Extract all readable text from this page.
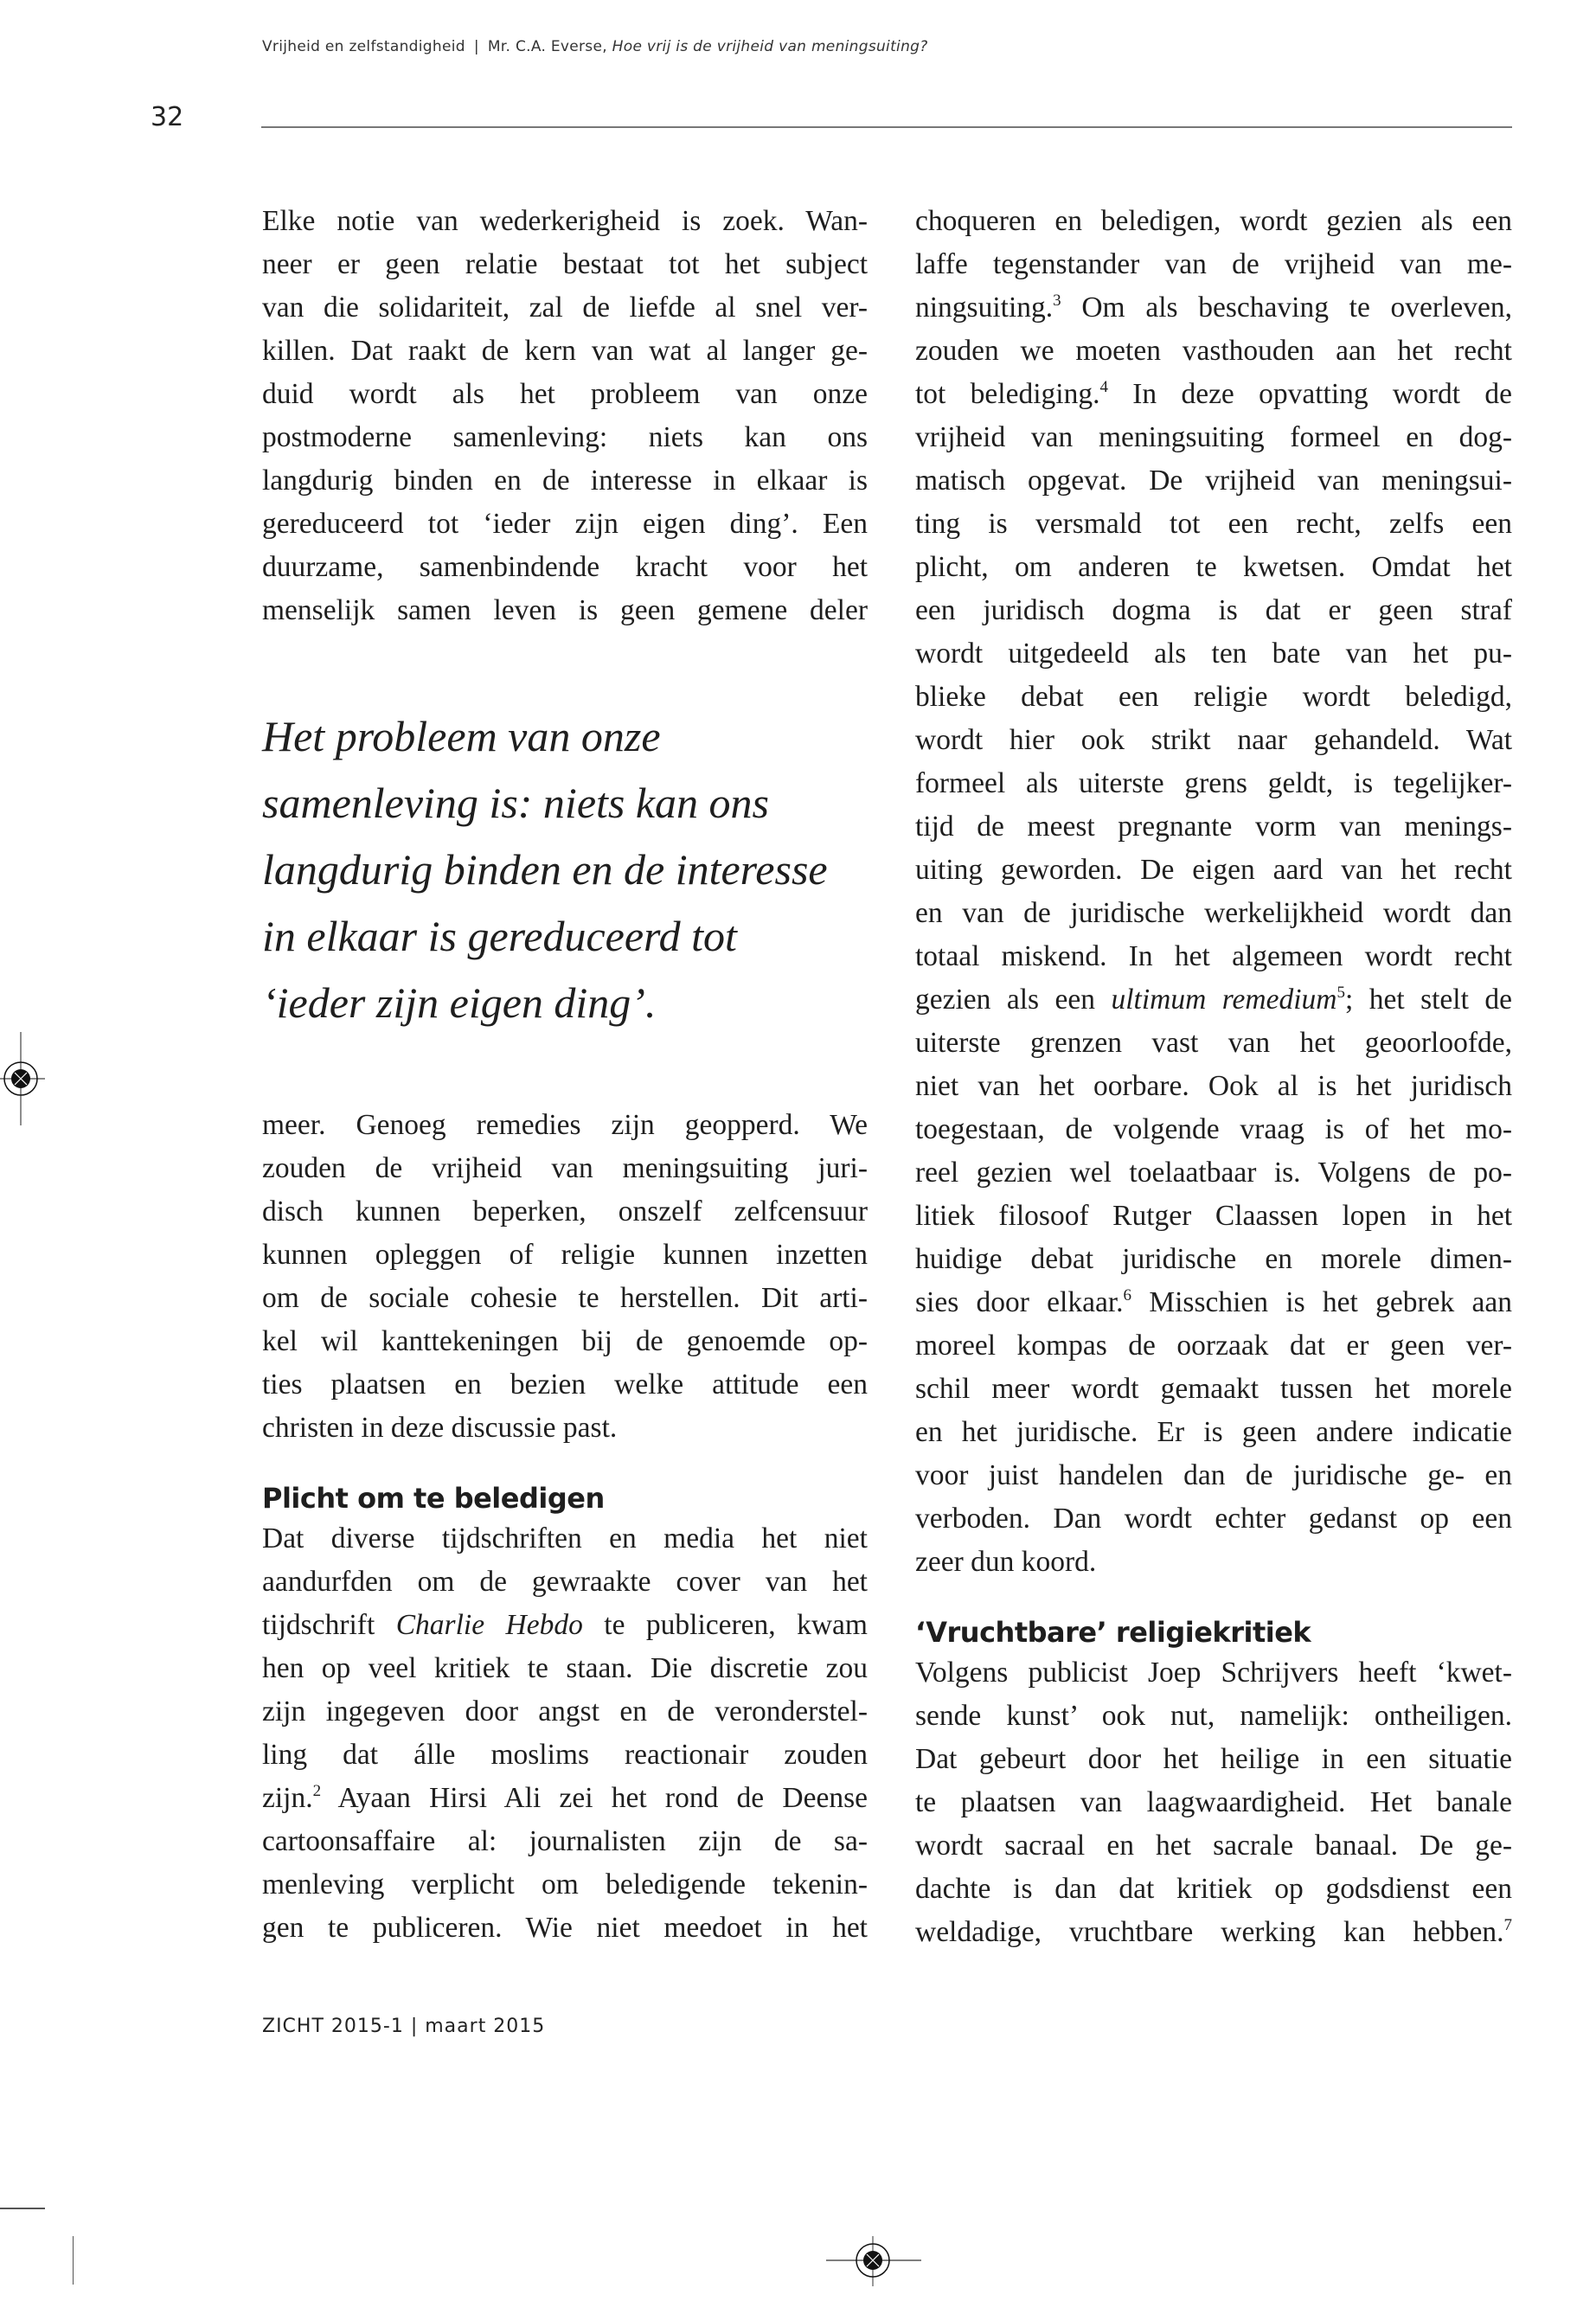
Vrijheid en zelfstandigheid | Mr. C.A. Everse, Hoe vrij is de vrijheid van meningsuiting?
32
Elke notie van wederkerigheid is zoek. Wan-
neer er geen relatie bestaat tot het subject
van die solidariteit, zal de liefde al snel ver-
killen. Dat raakt de kern van wat al langer ge-
duid wordt als het probleem van onze
postmoderne samenleving: niets kan ons
langdurig binden en de interesse in elkaar is
gereduceerd tot ‘ieder zijn eigen ding’. Een
duurzame, samenbindende kracht voor het
menselijk samen leven is geen gemene deler
Het probleem van onze
samenleving is: niets kan ons
langdurig binden en de interesse
in elkaar is gereduceerd tot
‘ieder zijn eigen ding’.
meer. Genoeg remedies zijn geopperd. We
zouden de vrijheid van meningsuiting juri-
disch kunnen beperken, onszelf zelfcensuur
kunnen opleggen of religie kunnen inzetten
om de sociale cohesie te herstellen. Dit arti-
kel wil kanttekeningen bij de genoemde op-
ties plaatsen en bezien welke attitude een
christen in deze discussie past.
Plicht om te beledigen
Dat diverse tijdschriften en media het niet
aandurfden om de gewraakte cover van het
tijdschrift Charlie Hebdo te publiceren, kwam
hen op veel kritiek te staan. Die discretie zou
zijn ingegeven door angst en de veronderstel-
ling dat álle moslims reactionair zouden
zijn.$^2$ Ayaan Hirsi Ali zei het rond de Deense
cartoonsaffaire al: journalisten zijn de sa-
menleving verplicht om beledigende tekenin-
gen te publiceren. Wie niet meedoet in het
choqueren en beledigen, wordt gezien als een
laffe tegenstander van de vrijheid van me-
ningsuiting.$^3$ Om als beschaving te overleven,
zouden we moeten vasthouden aan het recht
tot belediging.$^4$ In deze opvatting wordt de
vrijheid van meningsuiting formeel en dog-
matisch opgevat. De vrijheid van meningsui-
ting is versmald tot een recht, zelfs een
plicht, om anderen te kwetsen. Omdat het
een juridisch dogma is dat er geen straf
wordt uitgedeeld als ten bate van het pu-
blieke debat een religie wordt beledigd,
wordt hier ook strikt naar gehandeld. Wat
formeel als uiterste grens geldt, is tegelijker-
tijd de meest pregnante vorm van menings-
uiting geworden. De eigen aard van het recht
en van de juridische werkelijkheid wordt dan
totaal miskend. In het algemeen wordt recht
gezien als een ultimum remedium$^5$; het stelt de
uiterste grenzen vast van het geoorloofde,
niet van het oorbare. Ook al is het juridisch
toegestaan, de volgende vraag is of het mo-
reel gezien wel toelaatbaar is. Volgens de po-
litiek filosoof Rutger Claassen lopen in het
huidige debat juridische en morele dimen-
sies door elkaar.$^6$ Misschien is het gebrek aan
moreel kompas de oorzaak dat er geen ver-
schil meer wordt gemaakt tussen het morele
en het juridische. Er is geen andere indicatie
voor juist handelen dan de juridische ge- en
verboden. Dan wordt echter gedanst op een
zeer dun koord.
‘Vruchtbare’ religiekritiek
Volgens publicist Joep Schrijvers heeft ‘kwet-
sende kunst’ ook nut, namelijk: ontheiligen.
Dat gebeurt door het heilige in een situatie
te plaatsen van laagwaardigheid. Het banale
wordt sacraal en het sacrale banaal. De ge-
dachte is dan dat kritiek op godsdienst een
weldadige, vruchtbare werking kan hebben.$^7$
ZICHT 2015-1 | maart 2015
